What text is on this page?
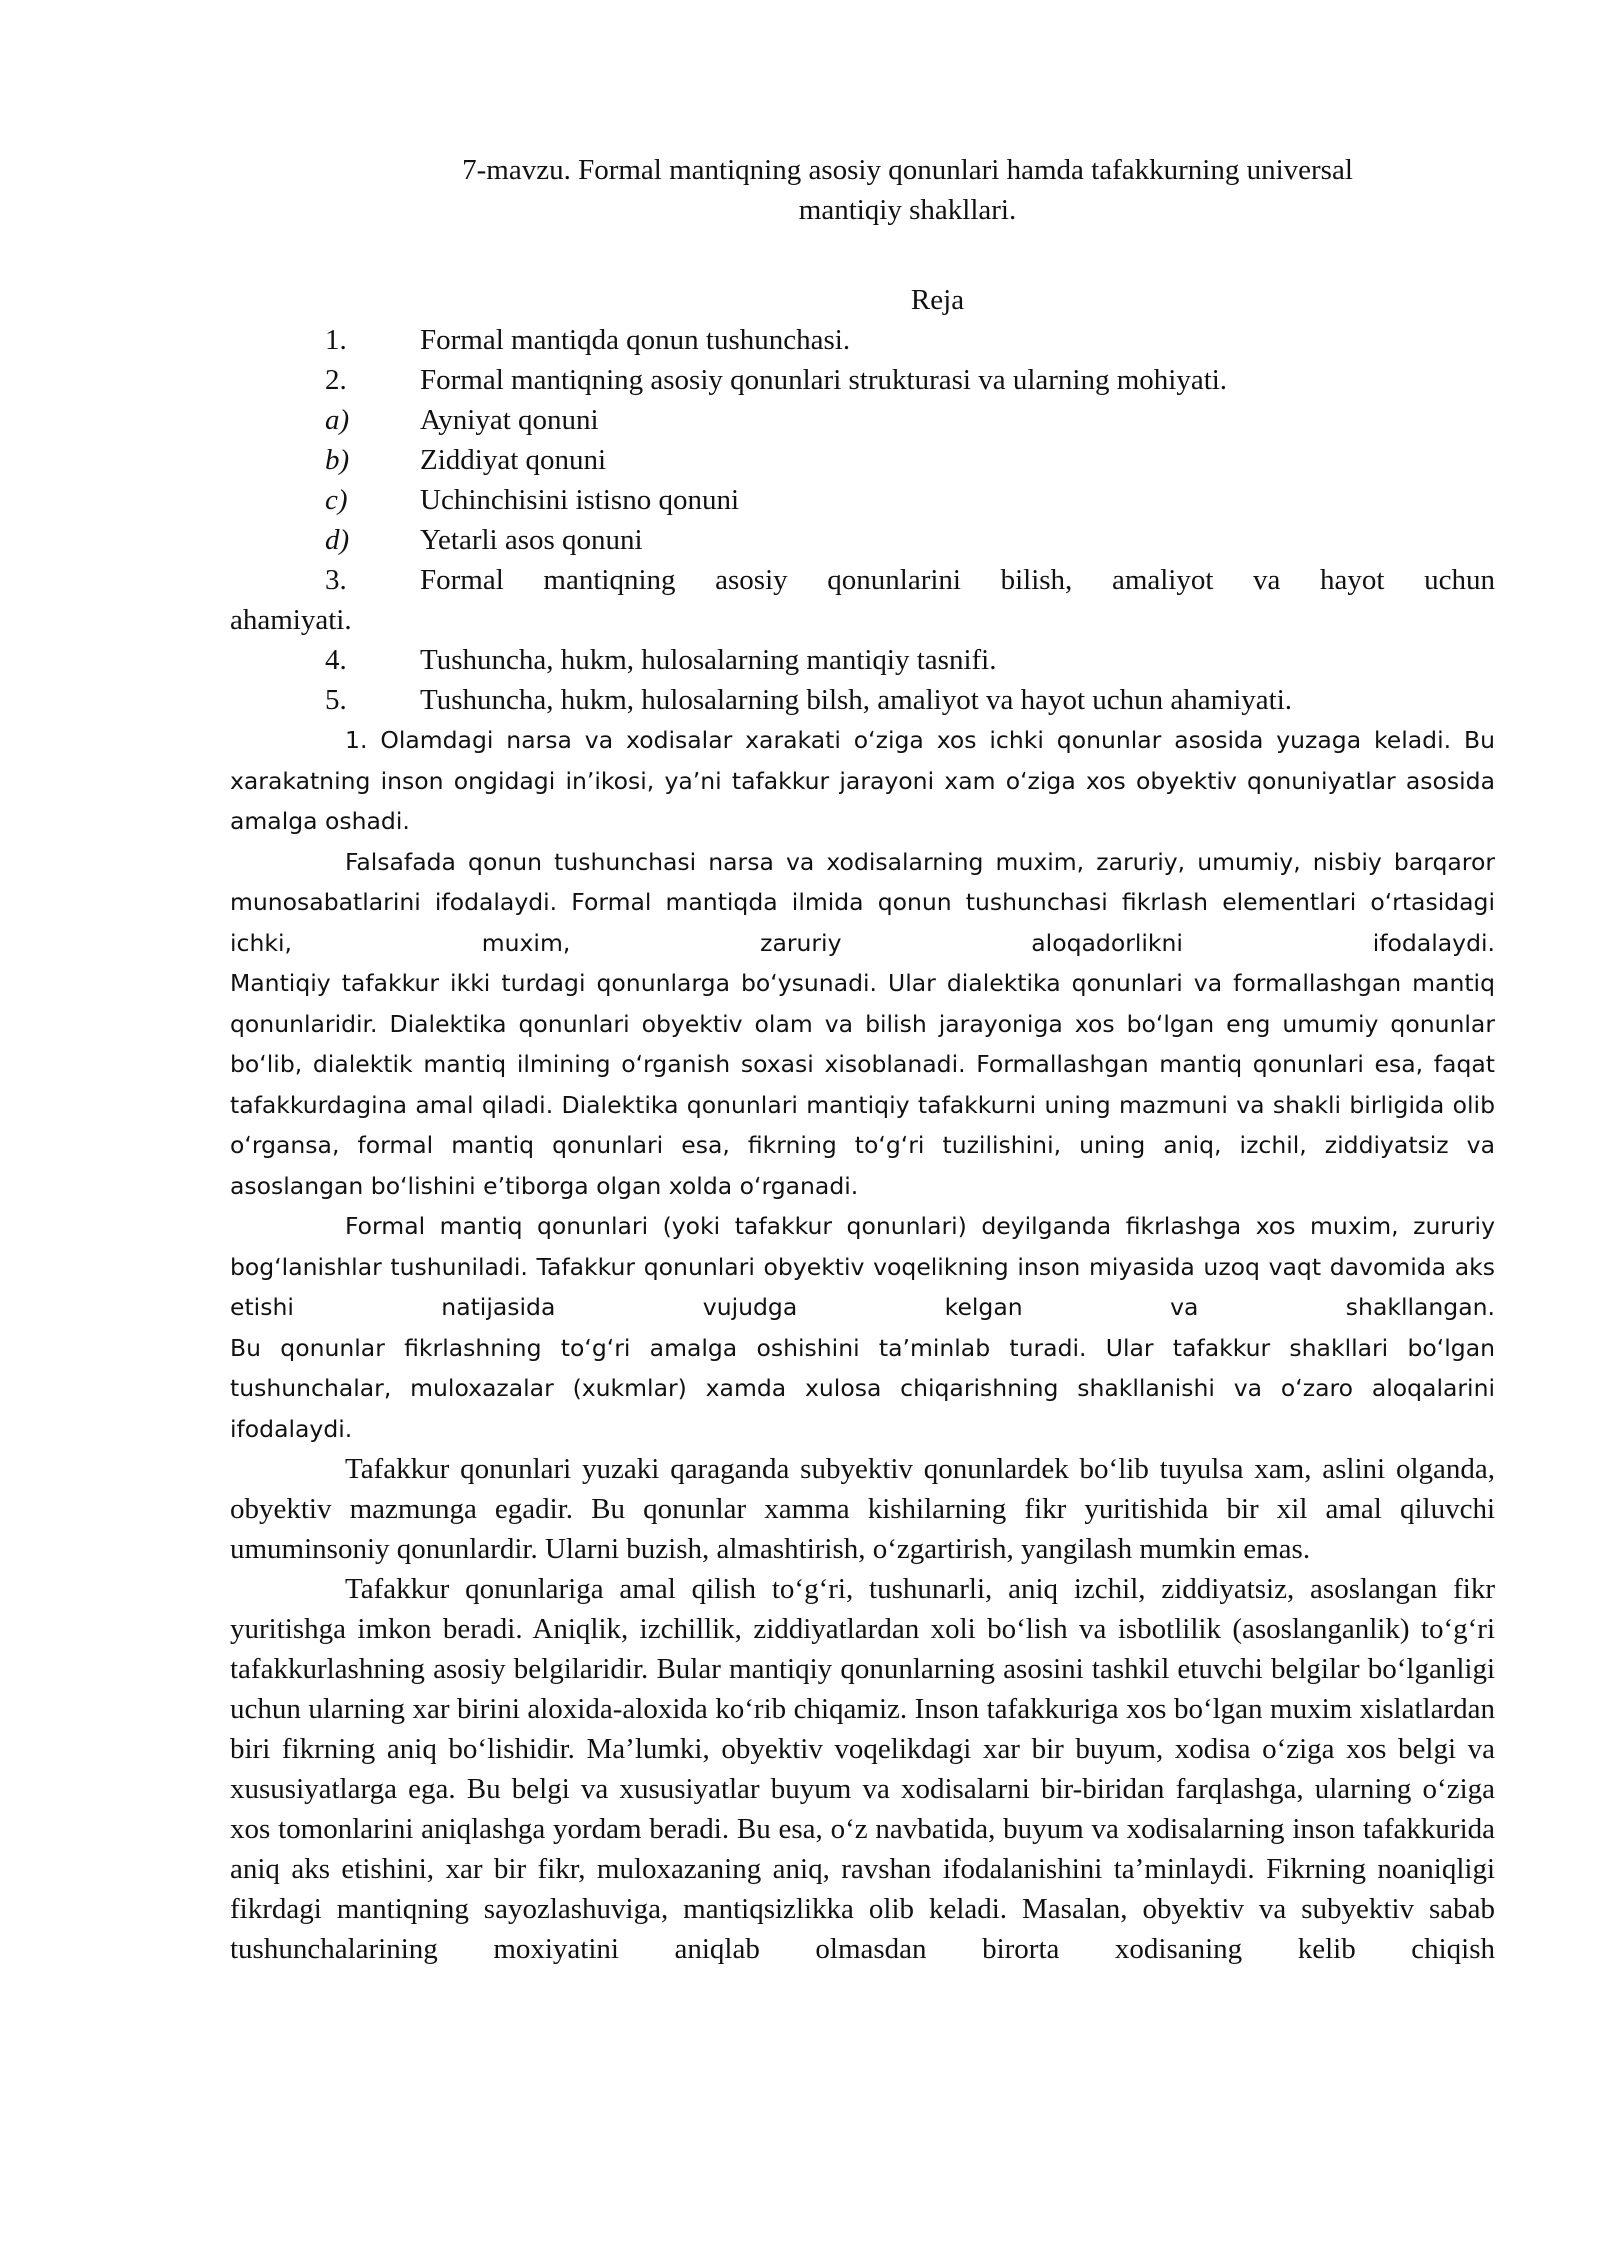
7-mavzu. Formal mantiqning asosiy qonunlari hamda tafakkurning universal
mantiqiy shakllari.
Reja
1.	Formal mantiqda qonun tushunchasi.
2.	Formal mantiqning asosiy qonunlari strukturasi va ularning mohiyati.
a)	Ayniyat qonuni
b)	Ziddiyat qonuni
c)	Uchinchisini istisno qonuni
d)	Yetarli asos qonuni
3.	Formal mantiqning asosiy qonunlarini bilish, amaliyot va hayot uchun
ahamiyati.
4.	Tushuncha, hukm, hulosalarning mantiqiy tasnifi.
5.	Tushuncha, hukm, hulosalarning bilsh, amaliyot va hayot uchun ahamiyati.

1. Olamdagi narsa va xodisalar xarakati oʻziga xos ichki qonunlar asosida yuzaga keladi. Bu xarakatning inson ongidagi inʼikosi, yaʼni tafakkur jarayoni xam oʻziga xos obyektiv qonuniyatlar asosida amalga oshadi.

Falsafada qonun tushunchasi narsa va xodisalarning muxim, zaruriy, umumiy, nisbiy barqaror munosabatlarini ifodalaydi. Formal mantiqda ilmida qonun tushunchasi fikrlash elementlari oʻrtasidagi ichki, muxim, zaruriy aloqadorlikni ifodalaydi.

Mantiqiy tafakkur ikki turdagi qonunlarga boʻysunadi. Ular dialektika qonunlari va formallashgan mantiq qonunlaridir. Dialektika qonunlari obyektiv olam va bilish jarayoniga xos boʻlgan eng umumiy qonunlar boʻlib, dialektik mantiq ilmining oʻrganish soxasi xisoblanadi. Formallashgan mantiq qonunlari esa, faqat tafakkurdagina amal qiladi. Dialektika qonunlari mantiqiy tafakkurni uning mazmuni va shakli birligida olib oʻrgansa, formal mantiq qonunlari esa, fikrning toʻgʻri tuzilishini, uning aniq, izchil, ziddiyatsiz va asoslangan boʻlishini eʼtiborga olgan xolda oʻrganadi.

Formal mantiq qonunlari (yoki tafakkur qonunlari) deyilganda fikrlashga xos muxim, zururiy bogʻlanishlar tushuniladi. Tafakkur qonunlari obyektiv voqelikning inson miyasida uzoq vaqt davomida aks etishi natijasida vujudga kelgan va shakllangan.

Bu qonunlar fikrlashning toʻgʻri amalga oshishini taʼminlab turadi. Ular tafakkur shakllari boʻlgan tushunchalar, muloxazalar (xukmlar) xamda xulosa chiqarishning shakllanishi va oʻzaro aloqalarini ifodalaydi.

Tafakkur qonunlari yuzaki qaraganda subyektiv qonunlardek boʻlib tuyulsa xam, aslini olganda, obyektiv mazmunga egadir. Bu qonunlar xamma kishilarning fikr yuritishida bir xil amal qiluvchi umuminsoniy qonunlardir. Ularni buzish, almashtirish, oʻzgartirish, yangilash mumkin emas.

Tafakkur qonunlariga amal qilish toʻgʻri, tushunarli, aniq izchil, ziddiyatsiz, asoslangan fikr yuritishga imkon beradi. Aniqlik, izchillik, ziddiyatlardan xoli boʻlish va isbotlilik (asoslanganlik) toʻgʻri tafakkurlashning asosiy belgilaridir. Bular mantiqiy qonunlarning asosini tashkil etuvchi belgilar boʻlganligi uchun ularning xar birini aloxida-aloxida koʻrib chiqamiz. Inson tafakkuriga xos boʻlgan muxim xislatlardan biri fikrning aniq boʻlishidir. Maʼlumki, obyektiv voqelikdagi xar bir buyum, xodisa oʻziga xos belgi va xususiyatlarga ega. Bu belgi va xususiyatlar buyum va xodisalarni bir-biridan farqlashga, ularning oʻziga xos tomonlarini aniqlashga yordam beradi. Bu esa, oʻz navbatida, buyum va xodisalarning inson tafakkurida aniq aks etishini, xar bir fikr, muloxazaning aniq, ravshan ifodalanishini taʼminlaydi. Fikrning noaniqligi fikrdagi mantiqning sayozlashuviga, mantiqsizlikka olib keladi. Masalan, obyektiv va subyektiv sabab tushunchalarining moxiyatini aniqlab olmasdan birorta xodisaning kelib chiqish
